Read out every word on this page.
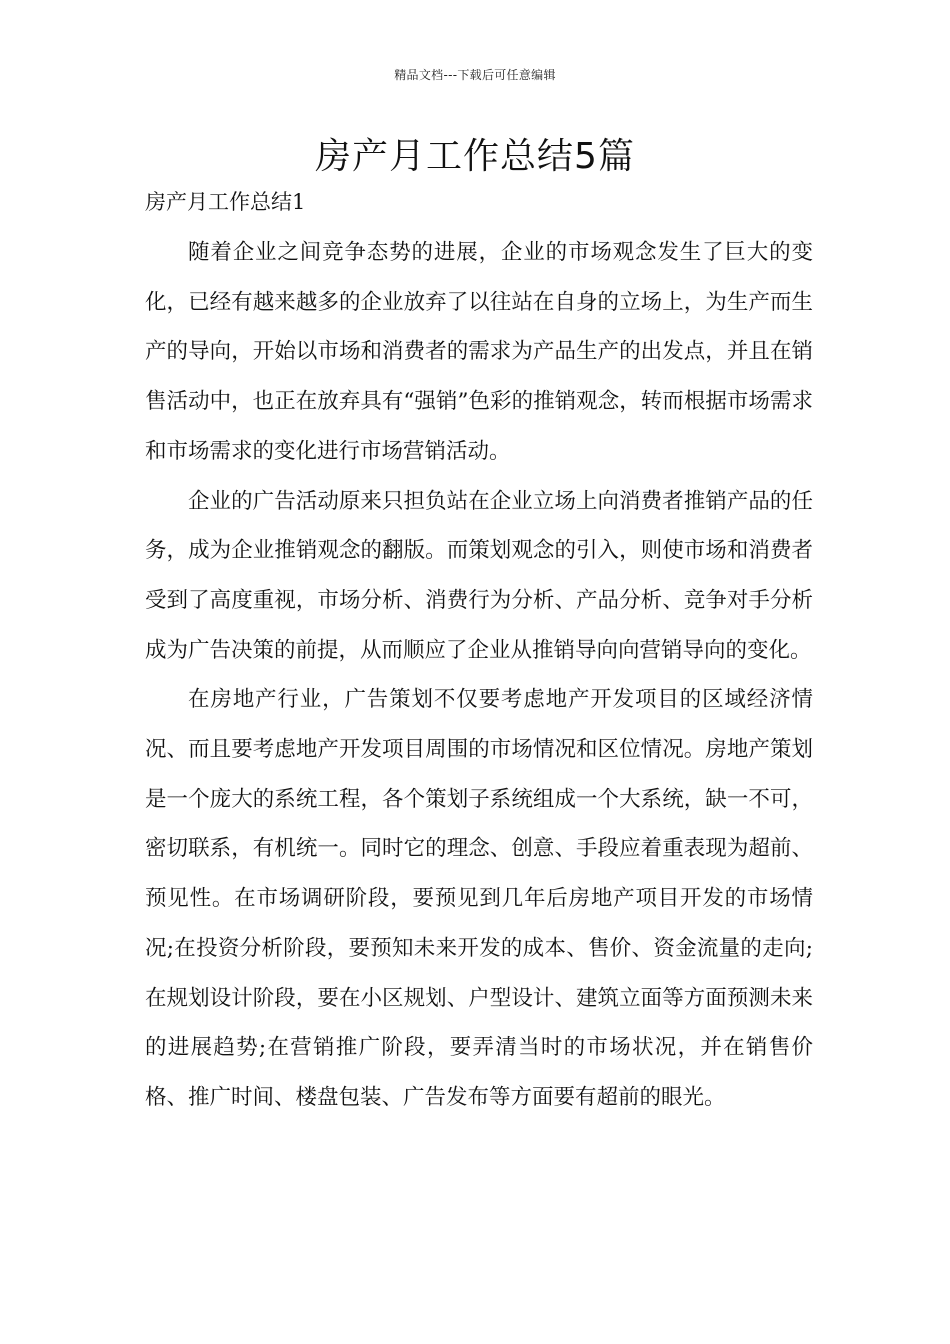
精品文档---下载后可任意编辑
房产月工作总结5篇
房产月工作总结1

随着企业之间竞争态势的进展，企业的市场观念发生了巨大的变化，已经有越来越多的企业放弃了以往站在自身的立场上，为生产而生产的导向，开始以市场和消费者的需求为产品生产的出发点，并且在销售活动中，也正在放弃具有“强销”色彩的推销观念，转而根据市场需求和市场需求的变化进行市场营销活动。

企业的广告活动原来只担负站在企业立场上向消费者推销产品的任务，成为企业推销观念的翻版。而策划观念的引入，则使市场和消费者受到了高度重视，市场分析、消费行为分析、产品分析、竞争对手分析成为广告决策的前提，从而顺应了企业从推销导向向营销导向的变化。

在房地产行业，广告策划不仅要考虑地产开发项目的区域经济情况、而且要考虑地产开发项目周围的市场情况和区位情况。房地产策划是一个庞大的系统工程，各个策划子系统组成一个大系统，缺一不可，密切联系，有机统一。同时它的理念、创意、手段应着重表现为超前、预见性。在市场调研阶段，要预见到几年后房地产项目开发的市场情况;在投资分析阶段，要预知未来开发的成本、售价、资金流量的走向;在规划设计阶段，要在小区规划、户型设计、建筑立面等方面预测未来的进展趋势;在营销推广阶段，要弄清当时的市场状况，并在销售价格、推广时间、楼盘包装、广告发布等方面要有超前的眼光。
